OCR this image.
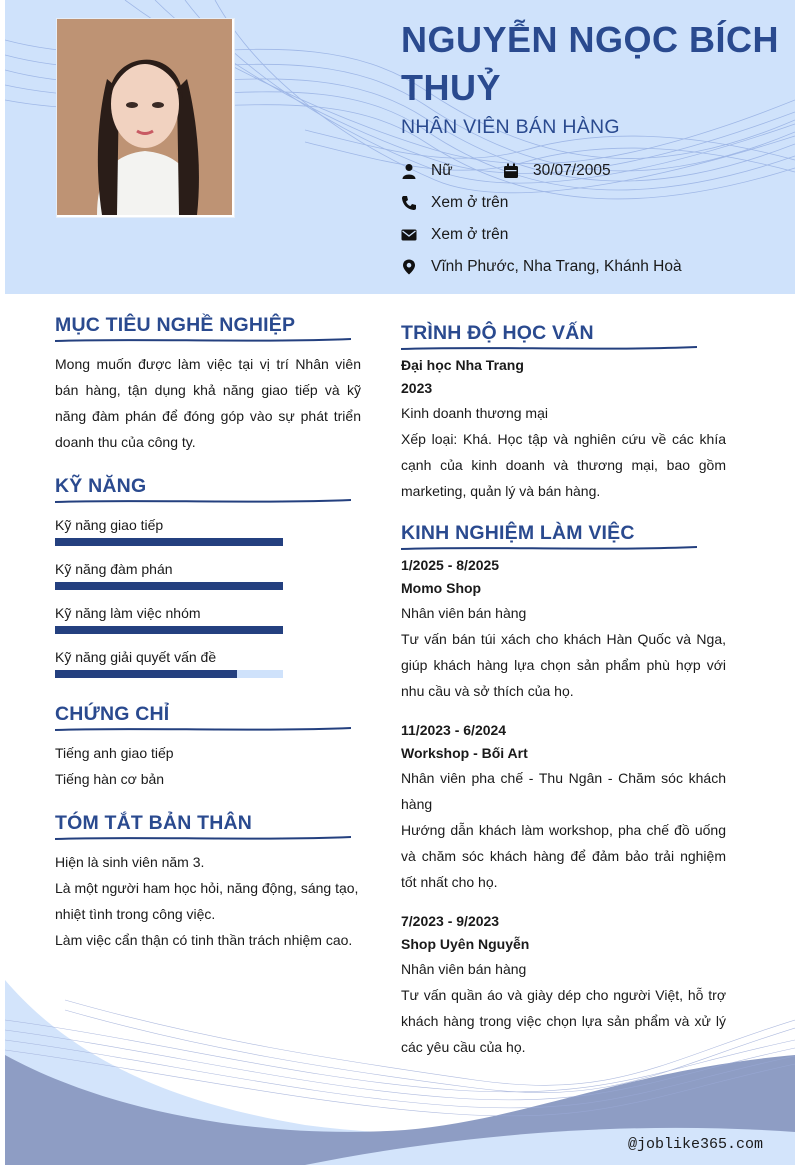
NGUYỄN NGỌC BÍCH THUỶ

NHÂN VIÊN BÁN HÀNG

Nữ	30/07/2005
Xem ở trên
Xem ở trên
Vĩnh Phước, Nha Trang, Khánh Hoà
@joblike365.com
MỤC TIÊU NGHỀ NGHIỆP

Mong muốn được làm việc tại vị trí Nhân viên bán hàng, tận dụng khả năng giao tiếp và kỹ năng đàm phán để đóng góp vào sự phát triển doanh thu của công ty.

KỸ NĂNG
Kỹ năng giao tiếp
Kỹ năng đàm phán
Kỹ năng làm việc nhóm
Kỹ năng giải quyết vấn đề
CHỨNG CHỈ

Tiếng anh giao tiếp

Tiếng hàn cơ bản

TÓM TẮT BẢN THÂN

Hiện là sinh viên năm 3.

Là một người ham học hỏi, năng động, sáng tạo, nhiệt tình trong công việc.

Làm việc cẩn thận có tinh thần trách nhiệm cao.

TRÌNH ĐỘ HỌC VẤN

Đại học Nha Trang

2023

Kinh doanh thương mại

Xếp loại: Khá. Học tập và nghiên cứu về các khía cạnh của kinh doanh và thương mại, bao gồm marketing, quản lý và bán hàng.

KINH NGHIỆM LÀM VIỆC

1/2025 - 8/2025

Momo Shop

Nhân viên bán hàng

Tư vấn bán túi xách cho khách Hàn Quốc và Nga, giúp khách hàng lựa chọn sản phẩm phù hợp với nhu cầu và sở thích của họ.

11/2023 - 6/2024

Workshop - Bối Art

Nhân viên pha chế - Thu Ngân - Chăm sóc khách hàng

Hướng dẫn khách làm workshop, pha chế đồ uống và chăm sóc khách hàng để đảm bảo trải nghiệm tốt nhất cho họ.

7/2023 - 9/2023

Shop Uyên Nguyễn

Nhân viên bán hàng

Tư vấn quần áo và giày dép cho người Việt, hỗ trợ khách hàng trong việc chọn lựa sản phẩm và xử lý các yêu cầu của họ.
